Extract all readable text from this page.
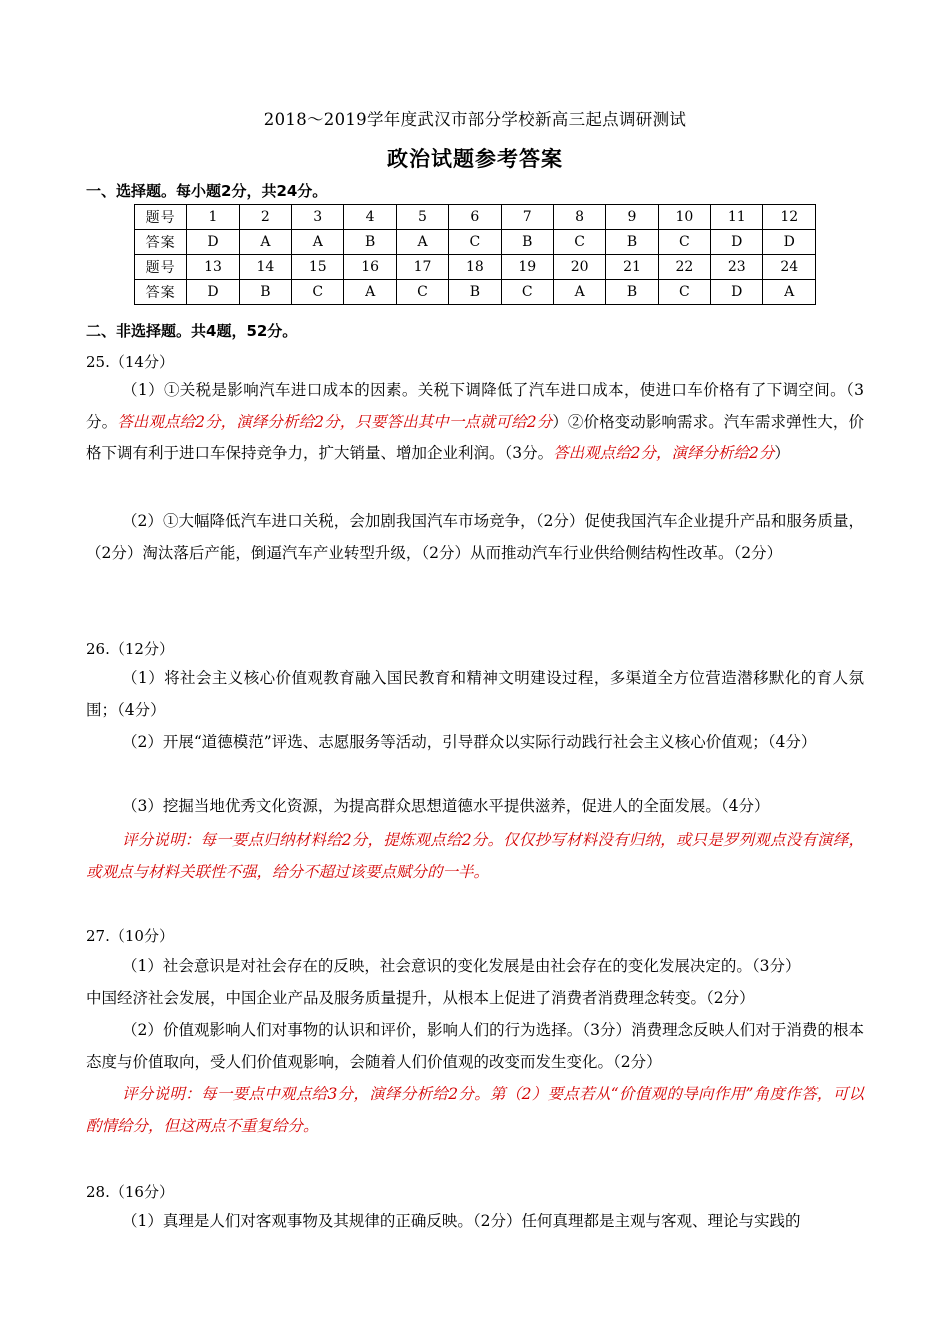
2018～2019学年度武汉市部分学校新高三起点调研测试
政治试题参考答案
一、选择题。每小题2分，共24分。
题号	1	2	3	4	5	6	7	8	9	10	11	12
答案	D	A	A	B	A	C	B	C	B	C	D	D
题号	13	14	15	16	17	18	19	20	21	22	23	24
答案	D	B	C	A	C	B	C	A	B	C	D	A
二、非选择题。共4题，52分。
25.（14分）

（1）①关税是影响汽车进口成本的因素。关税下调降低了汽车进口成本，使进口车价格有了下调空间。（3分。答出观点给2分，演绎分析给2分，只要答出其中一点就可给2分）②价格变动影响需求。汽车需求弹性大，价格下调有利于进口车保持竞争力，扩大销量、增加企业利润。（3分。答出观点给2分，演绎分析给2分）

（2）①大幅降低汽车进口关税，会加剧我国汽车市场竞争，（2分）促使我国汽车企业提升产品和服务质量，（2分）淘汰落后产能，倒逼汽车产业转型升级，（2分）从而推动汽车行业供给侧结构性改革。（2分）

26.（12分）

（1）将社会主义核心价值观教育融入国民教育和精神文明建设过程，多渠道全方位营造潜移默化的育人氛围；（4分）

（2）开展“道德模范”评选、志愿服务等活动，引导群众以实际行动践行社会主义核心价值观；（4分）

（3）挖掘当地优秀文化资源，为提高群众思想道德水平提供滋养，促进人的全面发展。（4分）

评分说明：每一要点归纳材料给2分，提炼观点给2分。仅仅抄写材料没有归纳，或只是罗列观点没有演绎，或观点与材料关联性不强，给分不超过该要点赋分的一半。

27.（10分）

（1）社会意识是对社会存在的反映，社会意识的变化发展是由社会存在的变化发展决定的。（3分）

中国经济社会发展，中国企业产品及服务质量提升，从根本上促进了消费者消费理念转变。（2分）

（2）价值观影响人们对事物的认识和评价，影响人们的行为选择。（3分）消费理念反映人们对于消费的根本态度与价值取向，受人们价值观影响，会随着人们价值观的改变而发生变化。（2分）

评分说明：每一要点中观点给3分，演绎分析给2分。第（2）要点若从“价值观的导向作用”角度作答，可以酌情给分，但这两点不重复给分。

28.（16分）

（1）真理是人们对客观事物及其规律的正确反映。（2分）任何真理都是主观与客观、理论与实践的
